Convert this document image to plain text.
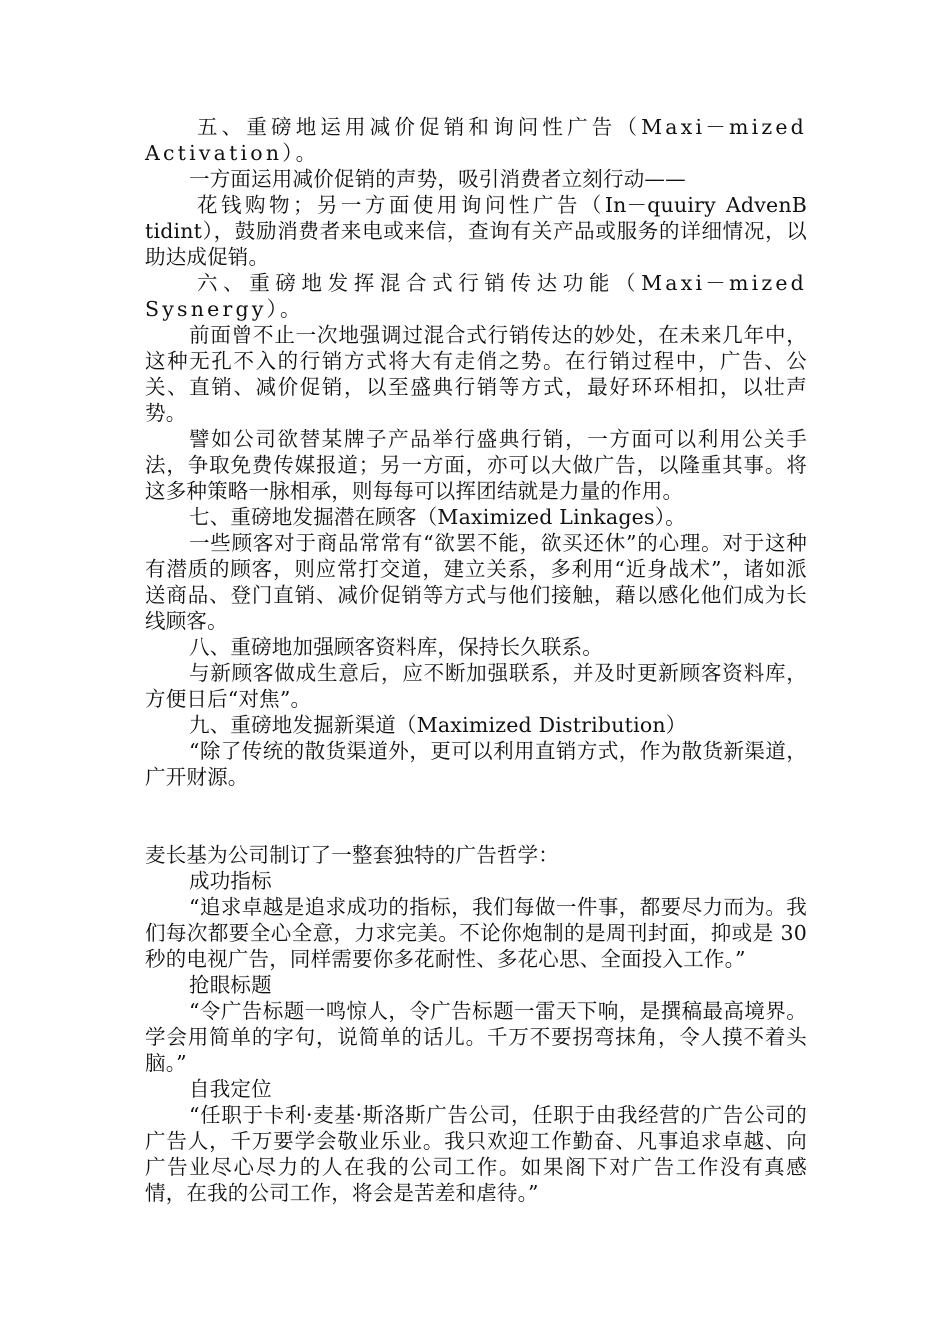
五、重磅地运用减价促销和询问性广告（Maxi－mized Activation）。

一方面运用减价促销的声势，吸引消费者立刻行动——

花钱购物；另一方面使用询问性广告（In－quuiry AdvenB tidint），鼓励消费者来电或来信，查询有关产品或服务的详细情况，以助达成促销。

六、重磅地发挥混合式行销传达功能（Maxi－mized Sysnergy）。

前面曾不止一次地强调过混合式行销传达的妙处，在未来几年中，这种无孔不入的行销方式将大有走俏之势。在行销过程中，广告、公关、直销、减价促销，以至盛典行销等方式，最好环环相扣，以壮声势。

譬如公司欲替某牌子产品举行盛典行销，一方面可以利用公关手法，争取免费传媒报道；另一方面，亦可以大做广告，以隆重其事。将这多种策略一脉相承，则每每可以挥团结就是力量的作用。

七、重磅地发掘潜在顾客（Maximized Linkages）。

一些顾客对于商品常常有“欲罢不能，欲买还休”的心理。对于这种有潜质的顾客，则应常打交道，建立关系，多利用“近身战术”，诸如派送商品、登门直销、减价促销等方式与他们接触，藉以感化他们成为长线顾客。

八、重磅地加强顾客资料库，保持长久联系。

与新顾客做成生意后，应不断加强联系，并及时更新顾客资料库，方便日后“对焦”。

九、重磅地发掘新渠道（Maximized Distribution）

“除了传统的散货渠道外，更可以利用直销方式，作为散货新渠道，广开财源。

麦长基为公司制订了一整套独特的广告哲学：

成功指标

“追求卓越是追求成功的指标，我们每做一件事，都要尽力而为。我们每次都要全心全意，力求完美。不论你炮制的是周刊封面，抑或是 30 秒的电视广告，同样需要你多花耐性、多花心思、全面投入工作。”

抢眼标题

“令广告标题一鸣惊人，令广告标题一雷天下响，是撰稿最高境界。学会用简单的字句，说简单的话儿。千万不要拐弯抹角，令人摸不着头脑。”

自我定位

“任职于卡利·麦基·斯洛斯广告公司，任职于由我经营的广告公司的广告人，千万要学会敬业乐业。我只欢迎工作勤奋、凡事追求卓越、向广告业尽心尽力的人在我的公司工作。如果阁下对广告工作没有真感情，在我的公司工作，将会是苦差和虐待。”
